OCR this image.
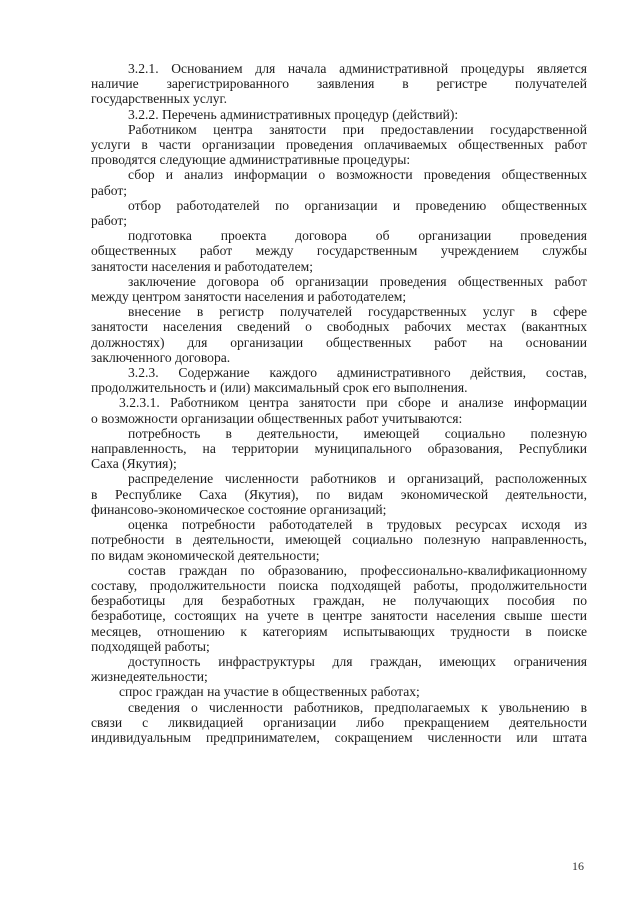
3.2.1. Основанием для начала административной процедуры является

наличие зарегистрированного заявления в регистре получателей

государственных услуг.

3.2.2. Перечень административных процедур (действий):

Работником центра занятости при предоставлении государственной

услуги в части организации проведения оплачиваемых общественных работ

проводятся следующие административные процедуры:

сбор и анализ информации о возможности проведения общественных

работ;

отбор работодателей по организации и проведению общественных

работ;

подготовка проекта договора об организации проведения

общественных работ между государственным учреждением службы

занятости населения и работодателем;

заключение договора об организации проведения общественных работ

между центром занятости населения и работодателем;

внесение в регистр получателей государственных услуг в сфере

занятости населения сведений о свободных рабочих местах (вакантных

должностях) для организации общественных работ на основании

заключенного договора.

3.2.3. Содержание каждого административного действия, состав,

продолжительность и (или) максимальный срок его выполнения.

3.2.3.1. Работником центра занятости при сборе и анализе информации

о возможности организации общественных работ учитываются:

потребность в деятельности, имеющей социально полезную

направленность, на территории муниципального образования, Республики

Саха (Якутия);

распределение численности работников и организаций, расположенных

в Республике Саха (Якутия), по видам экономической деятельности,

финансово-экономическое состояние организаций;

оценка потребности работодателей в трудовых ресурсах исходя из

потребности в деятельности, имеющей социально полезную направленность,

по видам экономической деятельности;

состав граждан по образованию, профессионально-квалификационному

составу, продолжительности поиска подходящей работы, продолжительности

безработицы для безработных граждан, не получающих пособия по

безработице, состоящих на учете в центре занятости населения свыше шести

месяцев, отношению к категориям испытывающих трудности в поиске

подходящей работы;

доступность инфраструктуры для граждан, имеющих ограничения

жизнедеятельности;

спрос граждан на участие в общественных работах;

сведения о численности работников, предполагаемых к увольнению в

связи с ликвидацией организации либо прекращением деятельности

индивидуальным предпринимателем, сокращением численности или штата

16
